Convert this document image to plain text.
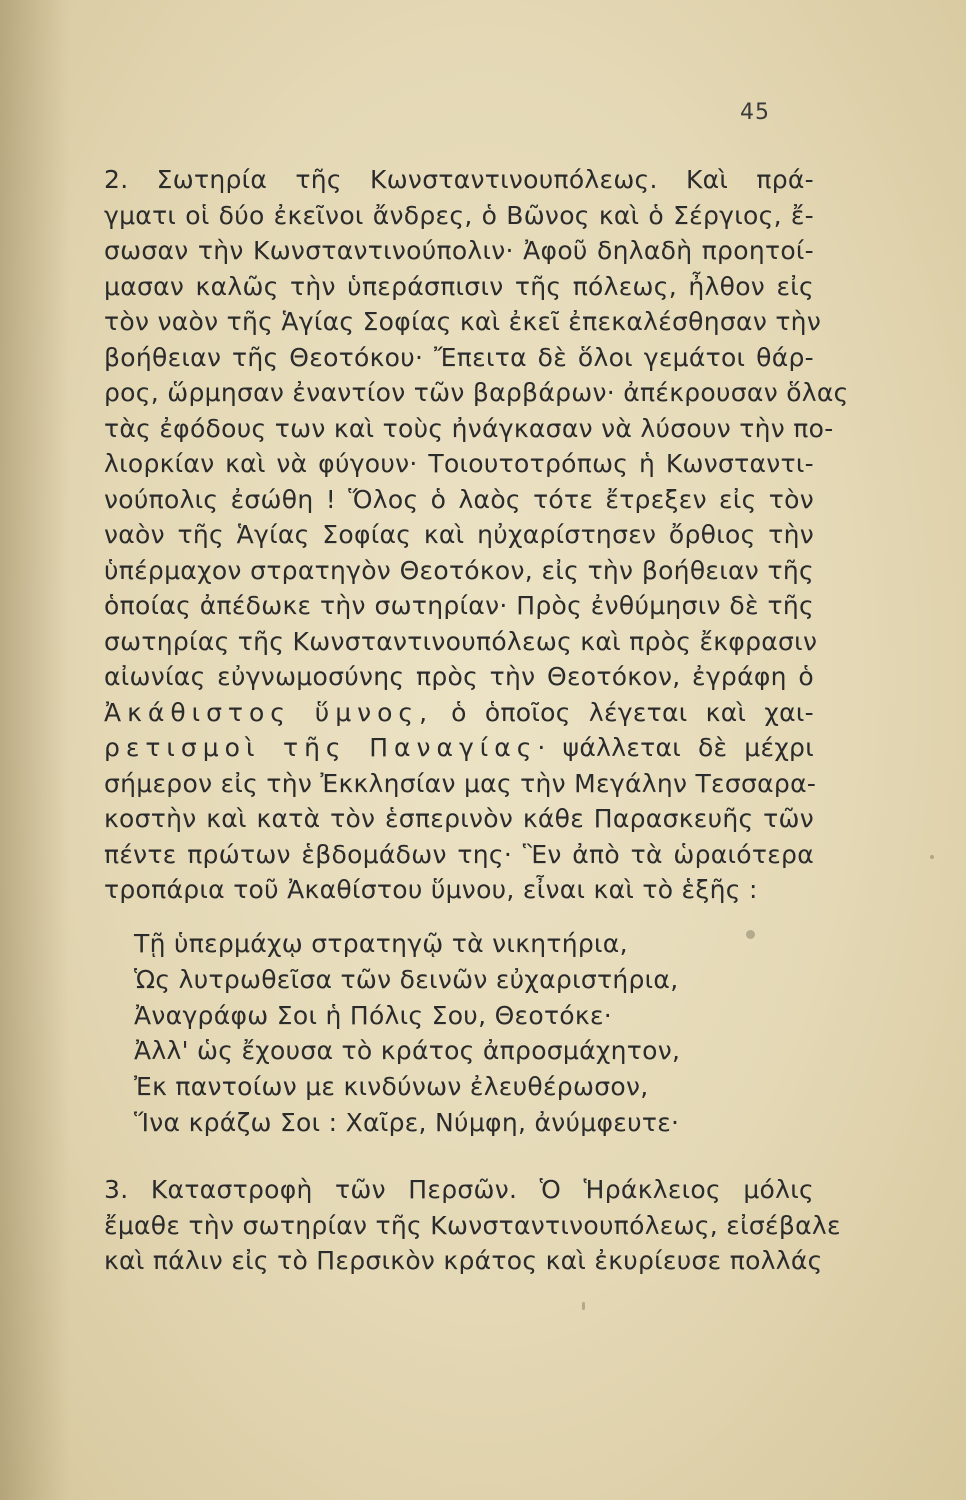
45
2. Σωτηρία τῆς Κωνσταντινουπόλεως. Καὶ πρά-
γματι οἱ δύο ἐκεῖνοι ἄνδρες, ὁ Βῶνος καὶ ὁ Σέργιος, ἔ-
σωσαν τὴν Κωνσταντινούπολιν· Ἀφοῦ δηλαδὴ προητοί-
μασαν καλῶς τὴν ὑπεράσπισιν τῆς πόλεως, ἦλθον εἰς
τὸν ναὸν τῆς Ἁγίας Σοφίας καὶ ἐκεῖ ἐπεκαλέσθησαν τὴν
βοήθειαν τῆς Θεοτόκου· Ἔπειτα δὲ ὅλοι γεμάτοι θάρ-
ρος, ὥρμησαν ἐναντίον τῶν βαρβάρων· ἀπέκρουσαν ὅλας
τὰς ἐφόδους των καὶ τοὺς ἠνάγκασαν νὰ λύσουν τὴν πο-
λιορκίαν καὶ νὰ φύγουν· Τοιουτοτρόπως ἡ Κωνσταντι-
νούπολις ἐσώθη ! Ὅλος ὁ λαὸς τότε ἔτρεξεν εἰς τὸν
ναὸν τῆς Ἁγίας Σοφίας καὶ ηὐχαρίστησεν ὄρθιος τὴν
ὑπέρμαχον στρατηγὸν Θεοτόκον, εἰς τὴν βοήθειαν τῆς
ὁποίας ἀπέδωκε τὴν σωτηρίαν· Πρὸς ἐνθύμησιν δὲ τῆς
σωτηρίας τῆς Κωνσταντινουπόλεως καὶ πρὸς ἔκφρασιν
αἰωνίας εὐγνωμοσύνης πρὸς τὴν Θεοτόκον, ἐγράφη ὁ
Ἀκάθιστος ὕμνος, ὁ ὁποῖος λέγεται καὶ χαι-
ρετισμοὶ τῆς Παναγίας· ψάλλεται δὲ μέχρι
σήμερον εἰς τὴν Ἐκκλησίαν μας τὴν Μεγάλην Τεσσαρα-
κοστὴν καὶ κατὰ τὸν ἑσπερινὸν κάθε Παρασκευῆς τῶν
πέντε πρώτων ἑβδομάδων της· Ἓν ἀπὸ τὰ ὡραιότερα
τροπάρια τοῦ Ἀκαθίστου ὕμνου, εἶναι καὶ τὸ ἑξῆς :
Τῇ ὑπερμάχῳ στρατηγῷ τὰ νικητήρια,
Ὡς λυτρωθεῖσα τῶν δεινῶν εὐχαριστήρια,
Ἀναγράφω Σοι ἡ Πόλις Σου, Θεοτόκε·
Ἀλλ' ὡς ἔχουσα τὸ κράτος ἀπροσμάχητον,
Ἐκ παντοίων με κινδύνων ἐλευθέρωσον,
Ἵνα κράζω Σοι : Χαῖρε, Νύμφη, ἀνύμφευτε·
3. Καταστροφὴ τῶν Περσῶν. Ὁ Ἡράκλειος μόλις
ἔμαθε τὴν σωτηρίαν τῆς Κωνσταντινουπόλεως, εἰσέβαλε
καὶ πάλιν εἰς τὸ Περσικὸν κράτος καὶ ἐκυρίευσε πολλάς
